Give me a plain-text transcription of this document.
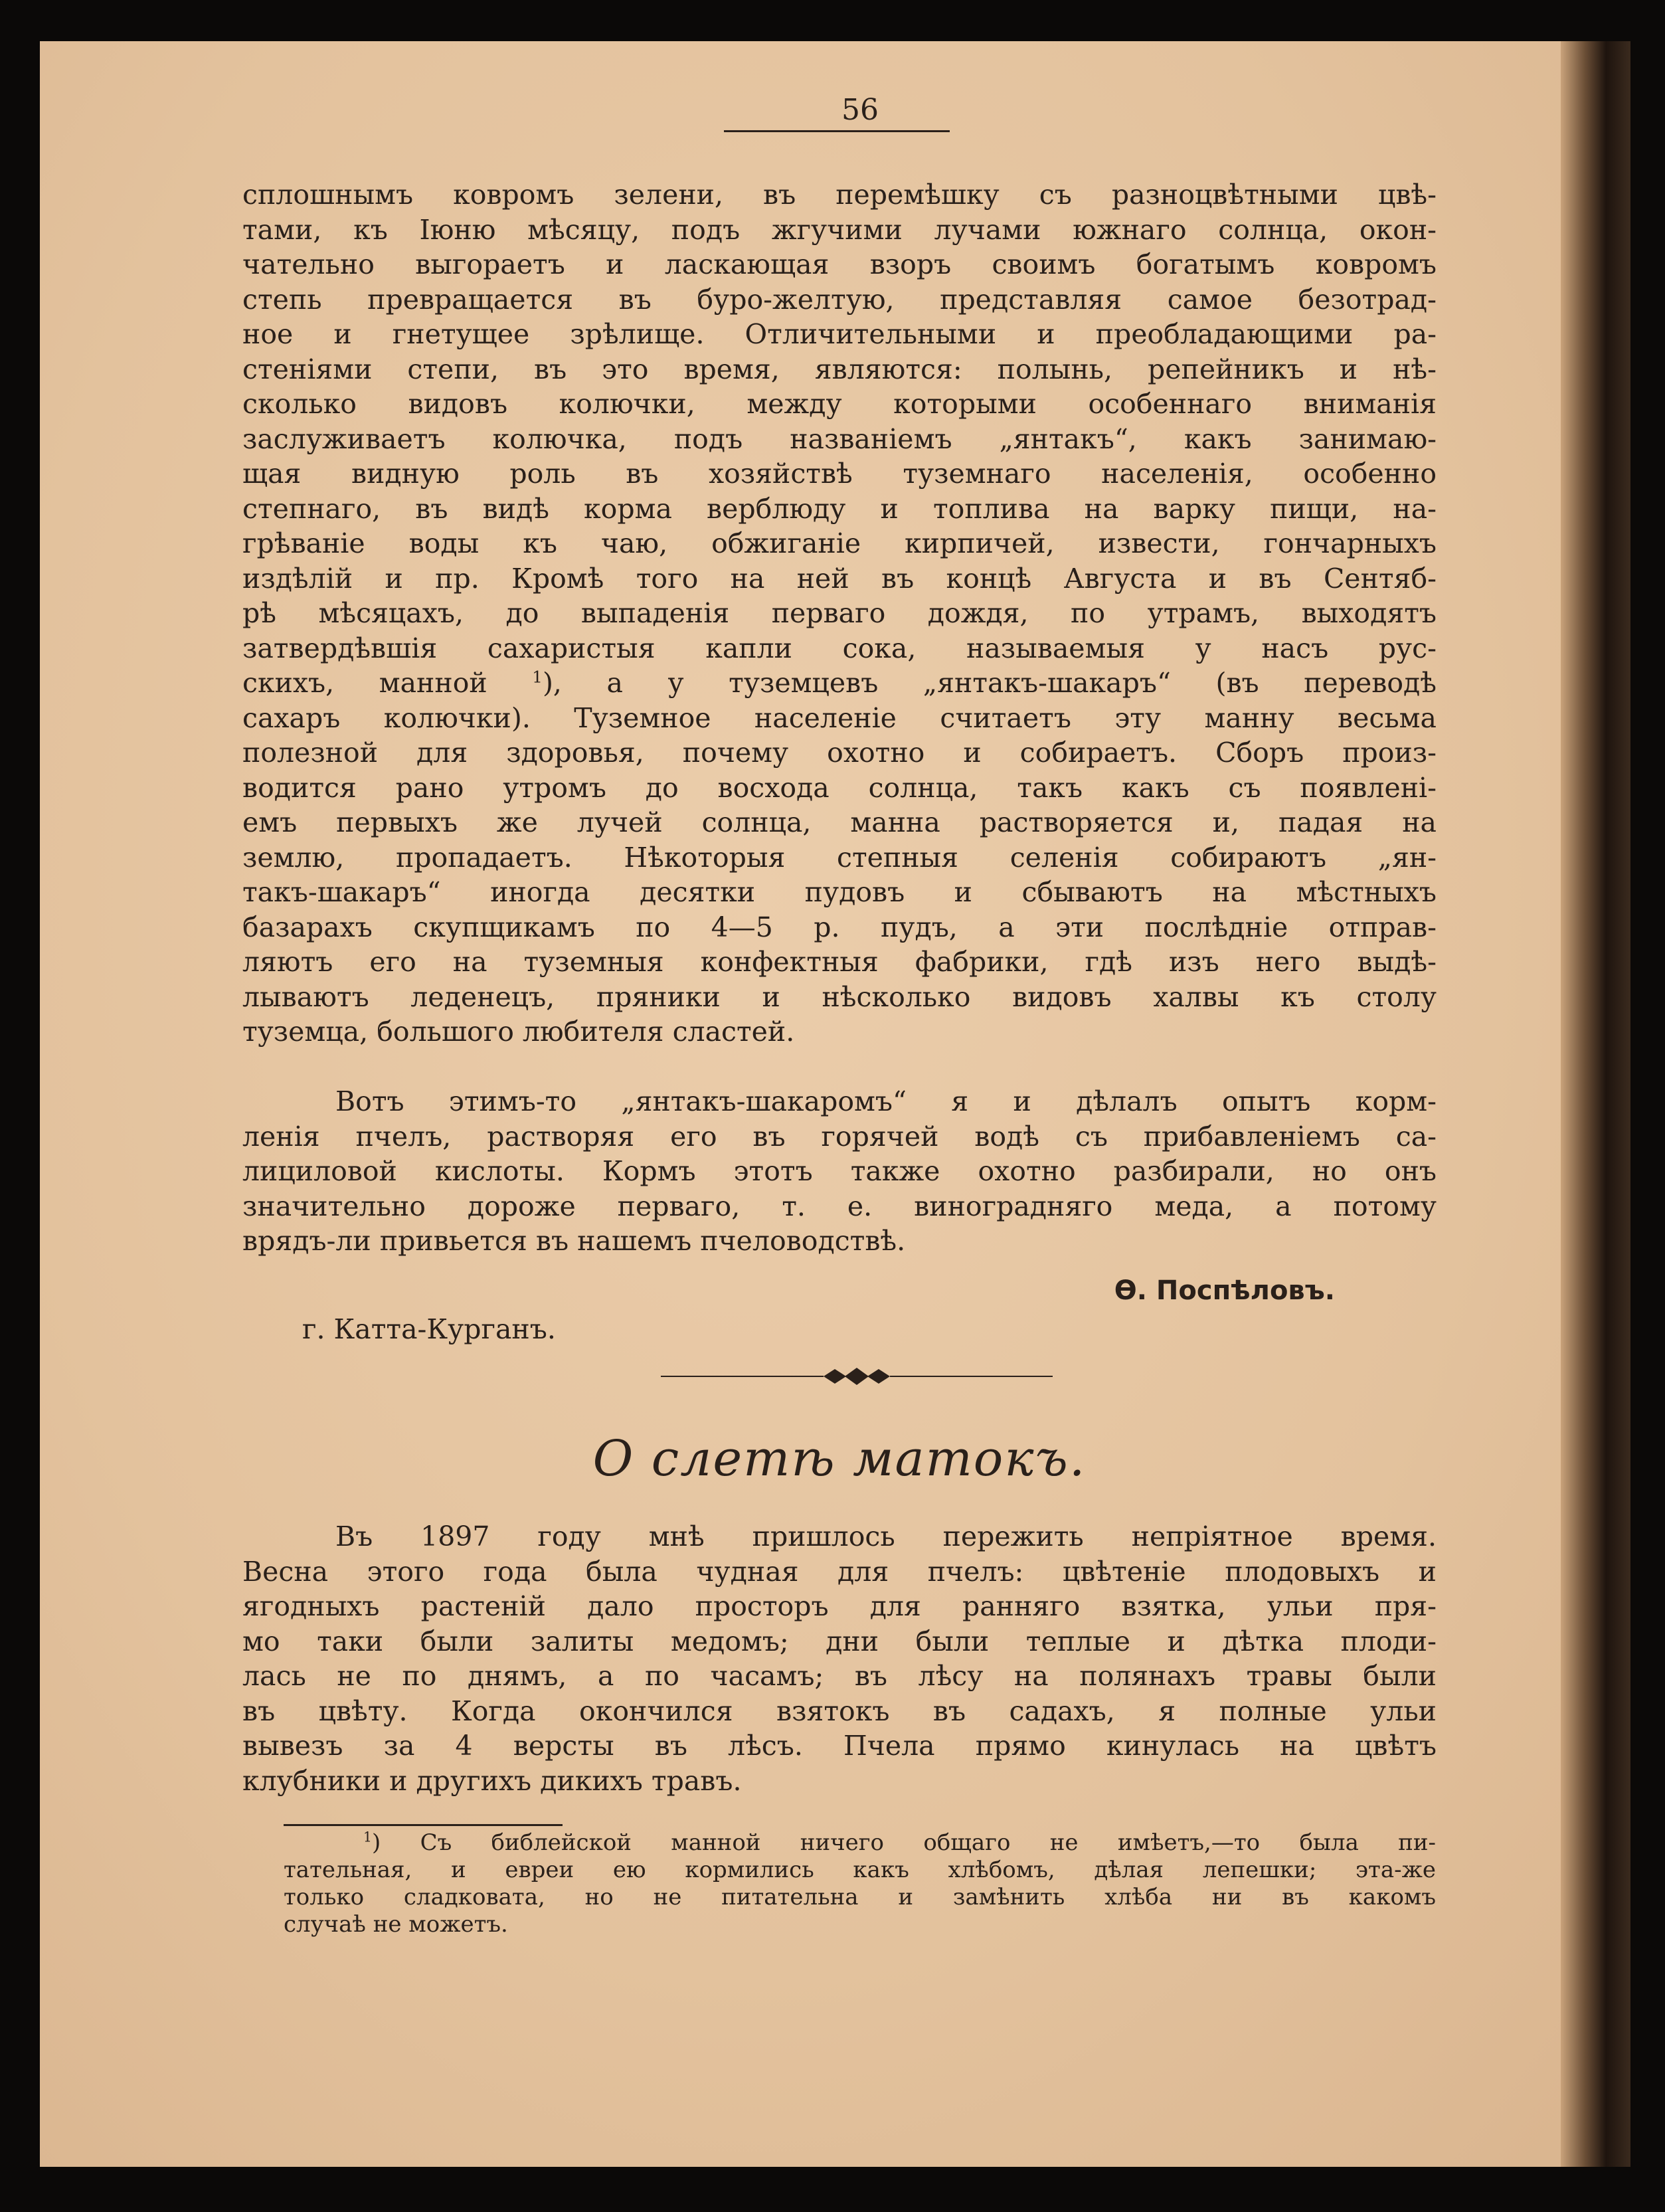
56
сплошнымъ ковромъ зелени, въ перемѣшку съ разноцвѣтными цвѣ-
тами, къ Іюню мѣсяцу, подъ жгучими лучами южнаго солнца, окон-
чательно выгораетъ и ласкающая взоръ своимъ богатымъ ковромъ
степь превращается въ буро-желтую, представляя самое безотрад-
ное и гнетущее зрѣлище. Отличительными и преобладающими ра-
стеніями степи, въ это время, являются: полынь, репейникъ и нѣ-
сколько видовъ колючки, между которыми особеннаго вниманія
заслуживаетъ колючка, подъ названіемъ „янтакъ“, какъ занимаю-
щая видную роль въ хозяйствѣ туземнаго населенія, особенно
степнаго, въ видѣ корма верблюду и топлива на варку пищи, на-
грѣваніе воды къ чаю, обжиганіе кирпичей, извести, гончарныхъ
издѣлій и пр. Кромѣ того на ней въ концѣ Августа и въ Сентяб-
рѣ мѣсяцахъ, до выпаденія перваго дождя, по утрамъ, выходятъ
затвердѣвшія сахаристыя капли сока, называемыя у насъ рус-
скихъ, манной	$^1$), а у туземцевъ „янтакъ-шакаръ“ (въ переводѣ
сахаръ колючки). Туземное населеніе считаетъ эту манну весьма
полезной для здоровья, почему охотно и собираетъ. Сборъ произ-
водится рано утромъ до восхода солнца, такъ какъ съ появлені-
емъ первыхъ же лучей солнца, манна растворяется и, падая на
землю, пропадаетъ. Нѣкоторыя степныя селенія собираютъ „ян-
такъ-шакаръ“ иногда десятки пудовъ и сбываютъ на мѣстныхъ
базарахъ скупщикамъ по 4—5 р. пудъ, а эти послѣдніе отправ-
ляютъ его на туземныя конфектныя фабрики, гдѣ изъ него выдѣ-
лываютъ леденецъ, пряники и нѣсколько видовъ халвы къ столу
туземца, большого любителя сластей.
Вотъ этимъ-то „янтакъ-шакаромъ“ я и дѣлалъ опытъ корм-
ленія пчелъ, растворяя его въ горячей водѣ съ прибавленіемъ са-
лициловой кислоты. Кормъ этотъ также охотно разбирали, но онъ
значительно дороже перваго, т. е. виноградняго меда, а потому
врядъ-ли привьется въ нашемъ пчеловодствѣ.
Ѳ. Поспѣловъ.
г. Катта-Курганъ.
О слетѣ матокъ.
Въ 1897 году мнѣ пришлось пережить непріятное время.
Весна этого года была чудная для пчелъ: цвѣтеніе плодовыхъ и
ягодныхъ растеній дало просторъ для ранняго взятка, ульи пря-
мо таки были залиты медомъ; дни были теплые и дѣтка плоди-
лась не по днямъ, а по часамъ; въ лѣсу на полянахъ травы были
въ цвѣту. Когда окончился взятокъ въ садахъ, я полные ульи
вывезъ за 4 версты въ лѣсъ. Пчела прямо кинулась на цвѣтъ
клубники и другихъ дикихъ травъ.
$^1$) Съ библейской манной ничего общаго не имѣетъ,—то была пи-
тательная, и евреи ею кормились какъ хлѣбомъ, дѣлая лепешки; эта-же
только сладковата, но не питательна и замѣнить хлѣба ни въ какомъ
случаѣ не можетъ.
